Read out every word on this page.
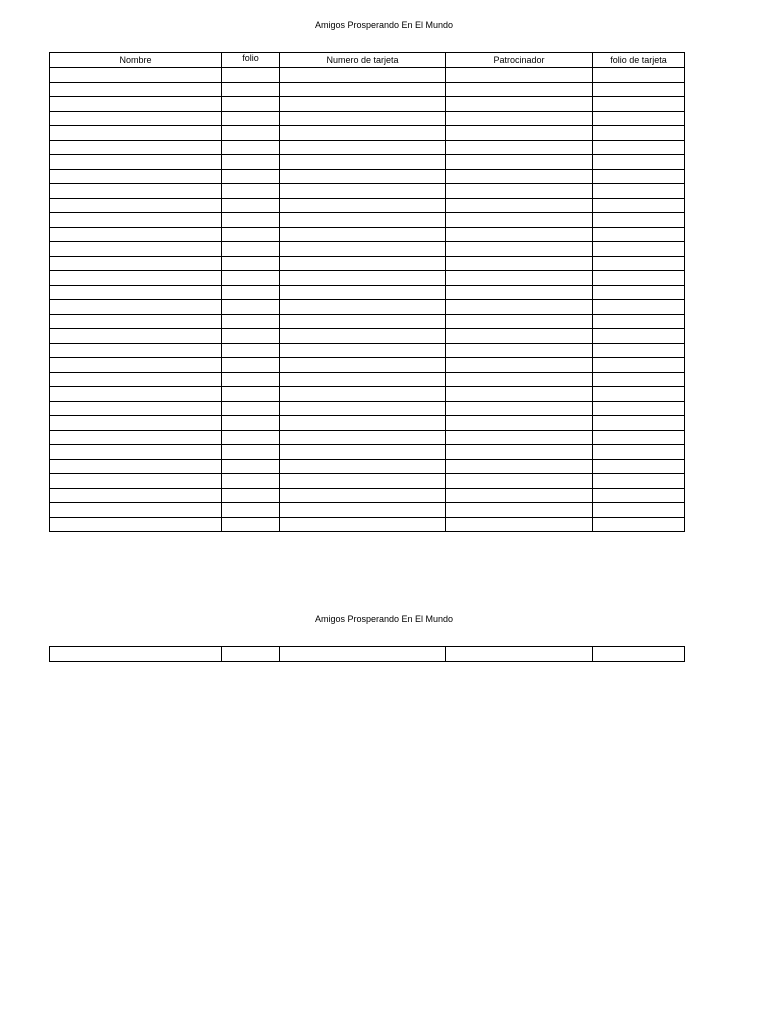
Amigos Prosperando En El Mundo
Nombre	folio	Numero de tarjeta	Patrocinador	folio de tarjeta

Amigos Prosperando En El Mundo
